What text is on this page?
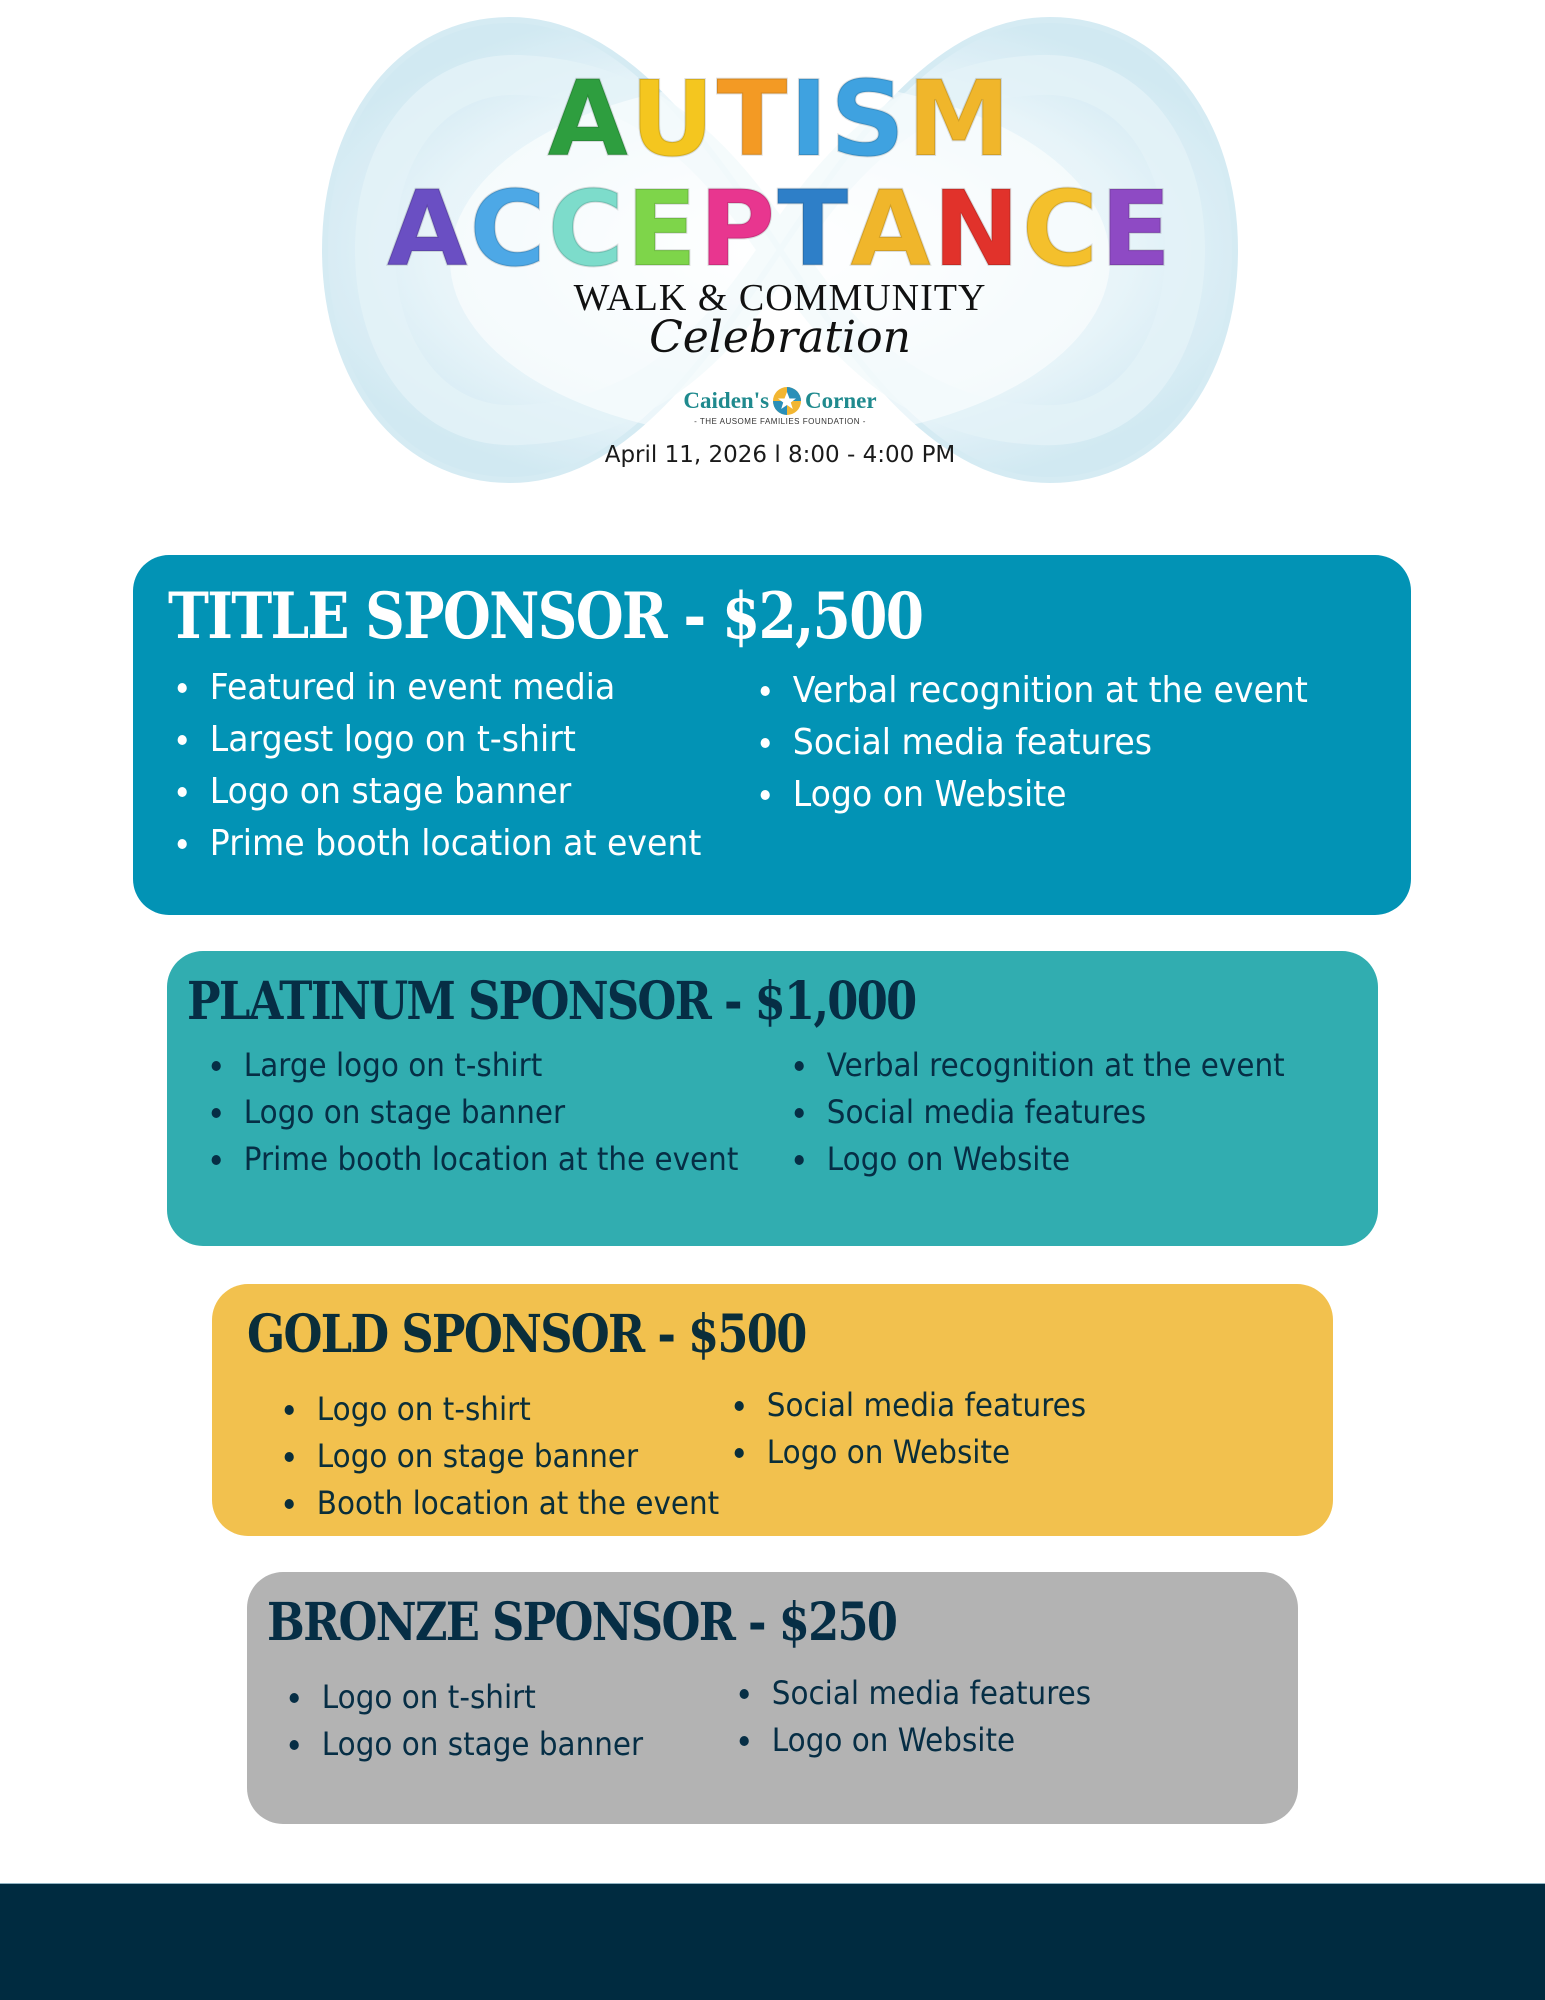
AUTISM
ACCEPTANCE
WALK & COMMUNITY
Celebration
Caiden's Corner
- THE AUSOME FAMILIES FOUNDATION -
April 11, 2026 l 8:00 - 4:00 PM
TITLE SPONSOR - $2,500
Featured in event media
Largest logo on t-shirt
Logo on stage banner
Prime booth location at event
Verbal recognition at the event
Social media features
Logo on Website
PLATINUM SPONSOR - $1,000
Large logo on t-shirt
Logo on stage banner
Prime booth location at the event
Verbal recognition at the event
Social media features
Logo on Website
GOLD SPONSOR - $500
Logo on t-shirt
Logo on stage banner
Booth location at the event
Social media features
Logo on Website
BRONZE SPONSOR - $250
Logo on t-shirt
Logo on stage banner
Social media features
Logo on Website
